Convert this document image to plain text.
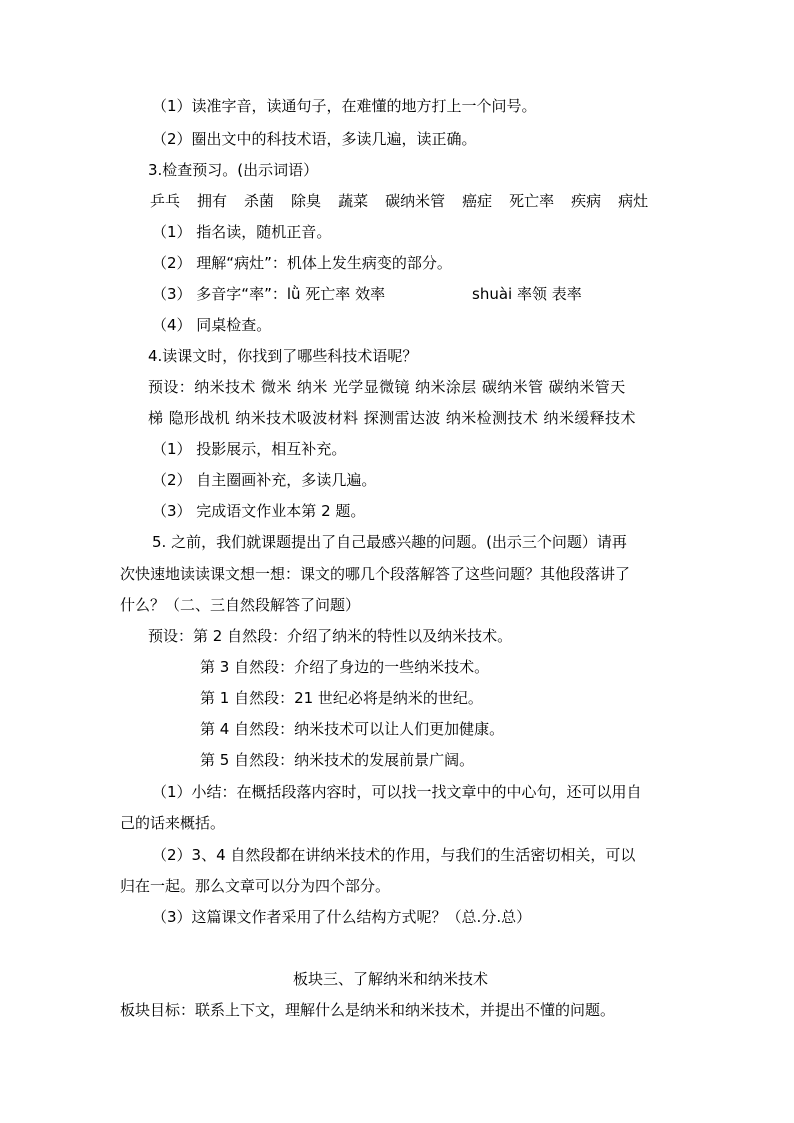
（1）读准字音，读通句子，在难懂的地方打上一个问号。
（2）圈出文中的科技术语，多读几遍，读正确。
3.检查预习。(出示词语）
乒乓 拥有 杀菌 除臭 蔬菜 碳纳米管 癌症 死亡率 疾病 病灶
（1） 指名读，随机正音。
（2） 理解“病灶”：机体上发生病变的部分。
（3） 多音字“率”：lǜ 死亡率 效率	shuài 率领 表率
（4） 同桌检查。
4.读课文时，你找到了哪些科技术语呢？
预设：纳米技术 微米 纳米 光学显微镜 纳米涂层 碳纳米管 碳纳米管天
梯 隐形战机 纳米技术吸波材料 探测雷达波 纳米检测技术 纳米缓释技术
（1） 投影展示，相互补充。
（2） 自主圈画补充，多读几遍。
（3） 完成语文作业本第 2 题。
5. 之前，我们就课题提出了自己最感兴趣的问题。(出示三个问题）请再
次快速地读读课文想一想：课文的哪几个段落解答了这些问题？其他段落讲了
什么？（二、三自然段解答了问题）
预设：第 2 自然段：介绍了纳米的特性以及纳米技术。
第 3 自然段：介绍了身边的一些纳米技术。
第 1 自然段：21 世纪必将是纳米的世纪。
第 4 自然段：纳米技术可以让人们更加健康。
第 5 自然段：纳米技术的发展前景广阔。
（1）小结：在概括段落内容时，可以找一找文章中的中心句，还可以用自
己的话来概括。
（2）3、4 自然段都在讲纳米技术的作用，与我们的生活密切相关，可以
归在一起。那么文章可以分为四个部分。
（3）这篇课文作者采用了什么结构方式呢？（总.分.总）
板块三、了解纳米和纳米技术
板块目标：联系上下文，理解什么是纳米和纳米技术，并提出不懂的问题。
